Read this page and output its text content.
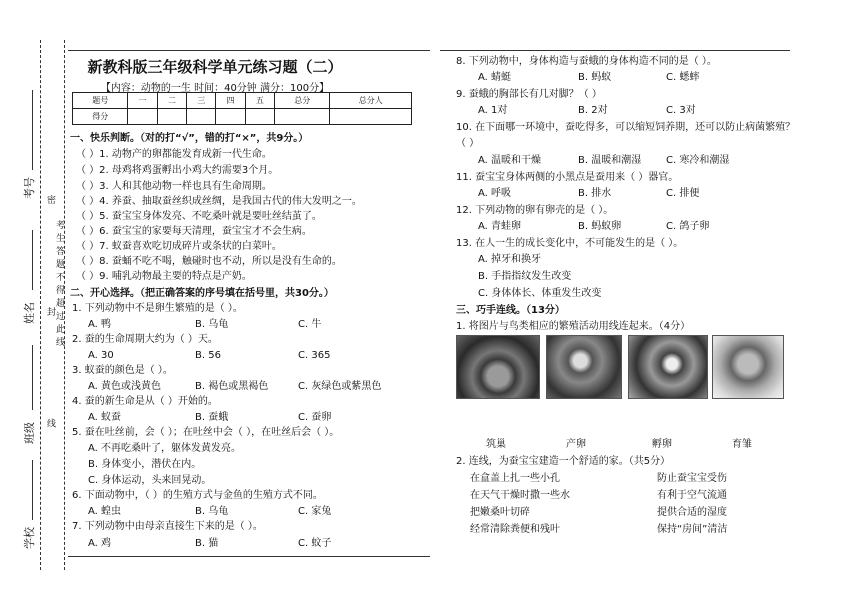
考号
姓名
班级
学校
密 封 线 考生答题不得超过此线
新教科版三年级科学单元练习题（二）
【内容：动物的一生 时间：40分钟 满分：100分】
题号	一	二	三	四	五	总分	总分人
得分							
一、快乐判断。（对的打“√”，错的打“×”，共9分。）
（ ）1. 动物产的卵都能发育成新一代生命。
（ ）2. 母鸡将鸡蛋孵出小鸡大约需要3个月。
（ ）3. 人和其他动物一样也具有生命周期。
（ ）4. 养蚕、抽取蚕丝织成丝绸，是我国古代的伟大发明之一。
（ ）5. 蚕宝宝身体发亮、不吃桑叶就是要吐丝结茧了。
（ ）6. 蚕宝宝的家要每天清理，蚕宝宝才不会生病。
（ ）7. 蚁蚕喜欢吃切成碎片或条状的白菜叶。
（ ）8. 蚕蛹不吃不喝，触碰时也不动，所以是没有生命的。
（ ）9. 哺乳动物最主要的特点是产奶。
二、开心选择。（把正确答案的序号填在括号里，共30分。）
1. 下列动物中不是卵生繁殖的是（ ）。
A. 鸭	B. 乌龟	C. 牛
2. 蚕的生命周期大约为（ ）天。
A. 30	B. 56	C. 365
3. 蚁蚕的颜色是（ ）。
A. 黄色或浅黄色	B. 褐色或黑褐色	C. 灰绿色或紫黑色
4. 蚕的新生命是从（ ）开始的。
A. 蚁蚕	B. 蚕蛾	C. 蚕卵
5. 蚕在吐丝前，会（ ）；在吐丝中会（ ），在吐丝后会（ ）。
A. 不再吃桑叶了，躯体发黄发亮。
B. 身体变小，潜伏在内。
C. 身体运动，头来回晃动。
6. 下面动物中，（ ）的生殖方式与金鱼的生殖方式不同。
A. 蝗虫	B. 乌龟	C. 家兔
7. 下列动物中由母亲直接生下来的是（ ）。
A. 鸡	B. 猫	C. 蚊子
8. 下列动物中，身体构造与蚕蛾的身体构造不同的是（ ）。
A. 蜻蜓	B. 蚂蚁	C. 蟋蟀
9. 蚕蛾的胸部长有几对脚？（ ）
A. 1对	B. 2对	C. 3对
10. 在下面哪一环境中，蚕吃得多，可以缩短饲养期，还可以防止病菌繁殖？
（ ）
A. 温暖和干燥	B. 温暖和潮湿 C. 寒冷和潮湿
11. 蚕宝宝身体两侧的小黑点是蚕用来（ ）器官。
A. 呼吸	B. 排水	C. 排便
12. 下列动物的卵有卵壳的是（ ）。
A. 青蛙卵	B. 蚂蚁卵	C. 鸽子卵
13. 在人一生的成长变化中，不可能发生的是（ ）。
A. 掉牙和换牙
B. 手指指纹发生改变
C. 身体体长、体重发生改变
三、巧手连线。（13分）
1. 将图片与鸟类相应的繁殖活动用线连起来。（4分）
筑巢	产卵	孵卵	育雏
2. 连线，为蚕宝宝建造一个舒适的家。（共5分）
在盒盖上扎一些小孔	防止蚕宝宝受伤
在天气干燥时撒一些水	有利于空气流通
把嫩桑叶切碎	提供合适的湿度
经常清除粪便和残叶	保持“房间”清洁
